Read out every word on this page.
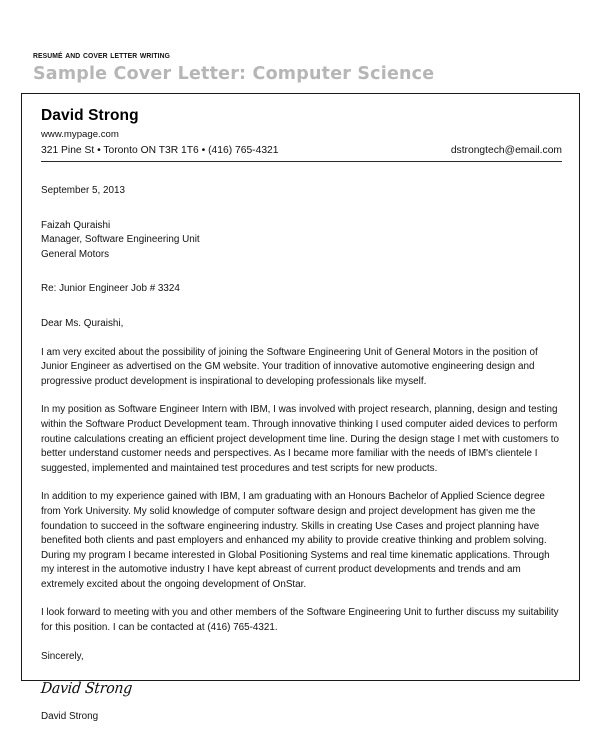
resumé and cover letter writing
Sample Cover Letter: Computer Science
David Strong
www.mypage.com
321 Pine St • Toronto ON T3R 1T6 • (416) 765-4321	dstrongtech@email.com
September 5, 2013
Faizah Quraishi
Manager, Software Engineering Unit
General Motors
Re: Junior Engineer Job # 3324
Dear Ms. Quraishi,
I am very excited about the possibility of joining the Software Engineering Unit of General Motors in the position of Junior Engineer as advertised on the GM website. Your tradition of innovative automotive engineering design and progressive product development is inspirational to developing professionals like myself.
In my position as Software Engineer Intern with IBM, I was involved with project research, planning, design and testing within the Software Product Development team. Through innovative thinking I used computer aided devices to perform routine calculations creating an efficient project development time line. During the design stage I met with customers to better understand customer needs and perspectives. As I became more familiar with the needs of IBM's clientele I suggested, implemented and maintained test procedures and test scripts for new products.
In addition to my experience gained with IBM, I am graduating with an Honours Bachelor of Applied Science degree from York University. My solid knowledge of computer software design and project development has given me the foundation to succeed in the software engineering industry. Skills in creating Use Cases and project planning have benefited both clients and past employers and enhanced my ability to provide creative thinking and problem solving. During my program I became interested in Global Positioning Systems and real time kinematic applications. Through my interest in the automotive industry I have kept abreast of current product developments and trends and am extremely excited about the ongoing development of OnStar.
I look forward to meeting with you and other members of the Software Engineering Unit to further discuss my suitability for this position. I can be contacted at (416) 765-4321.
Sincerely,
David Strong
David Strong
